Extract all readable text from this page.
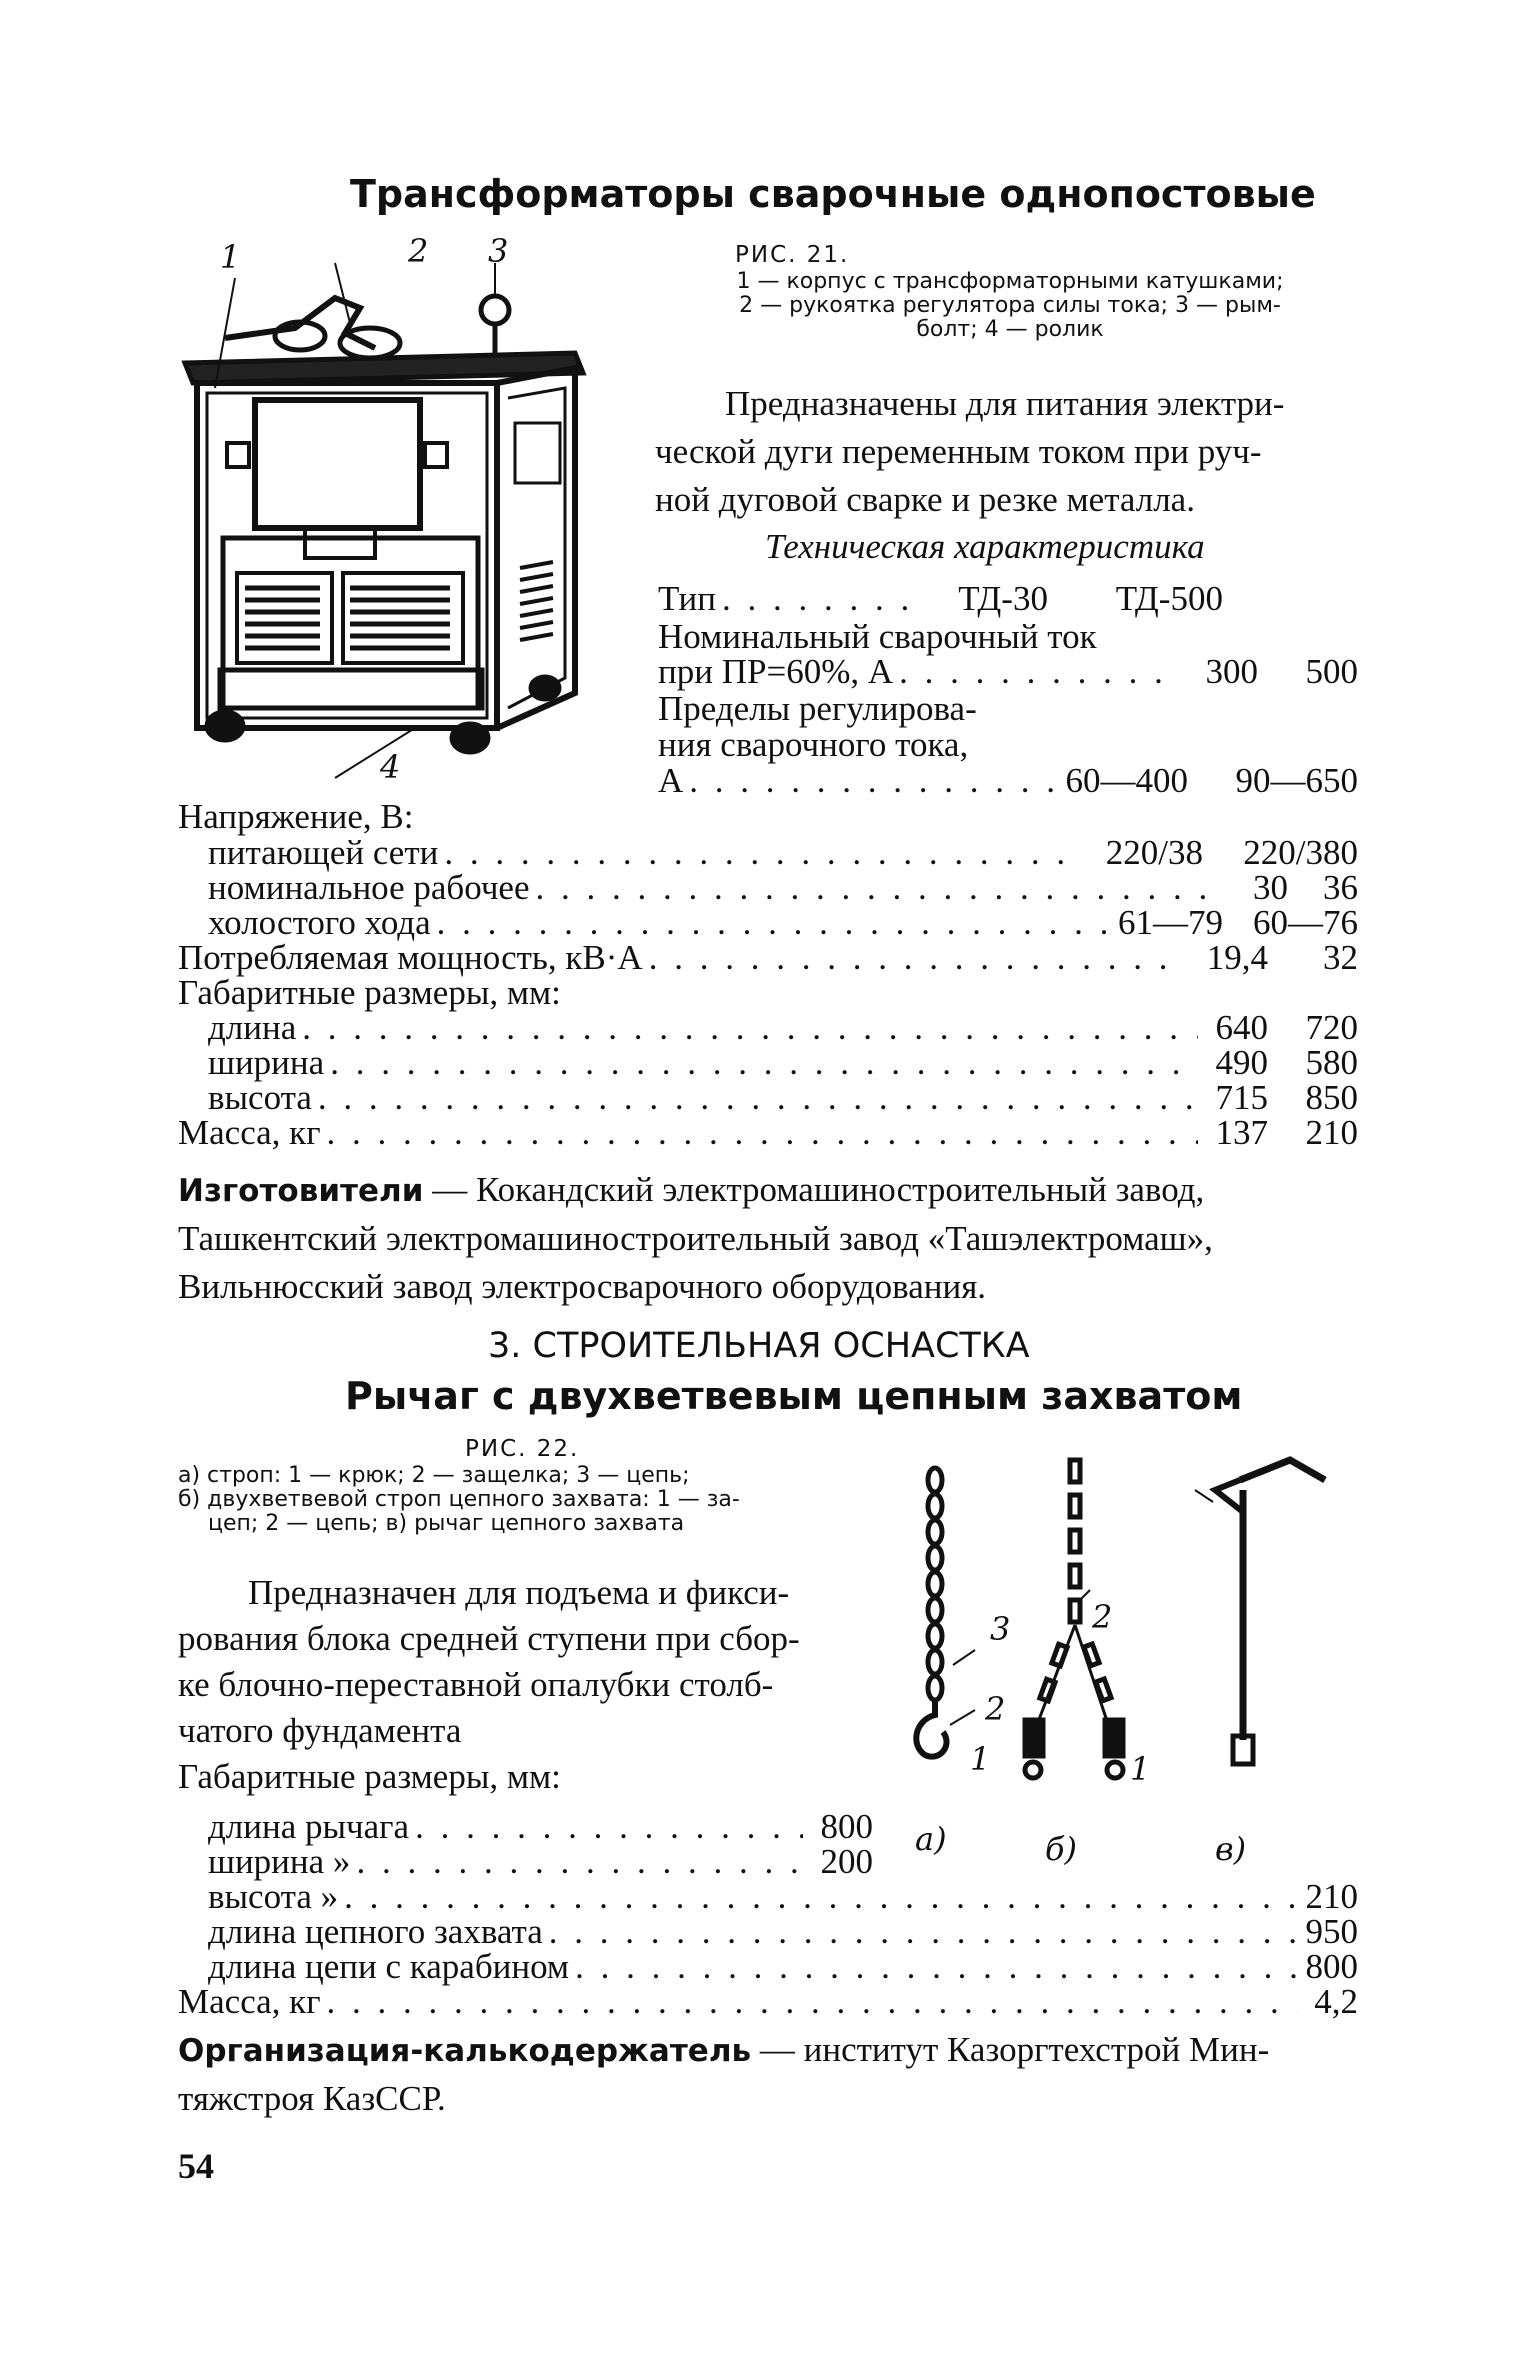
Трансформаторы сварочные однопостовые
1	2 3
4
РИС. 21.
1 — корпус с трансформаторными катушками;
2 — рукоятка регулятора силы тока; 3 — рым-
болт; 4 — ролик
Предназначены для питания электри-
ческой дуги переменным током при руч-
ной дуговой сварке и резке металла.
Техническая характеристика
Тип . . .	ТД-30	ТД-500
Номинальный сварочный ток
при ПР=60%, А . . .	300	500
Пределы регулирова-
ния сварочного тока,
А . . .	60—400	90—650
Напряжение, В:
питающей сети . . .	220/38	220/380
номинальное рабочее . . .	30	36
холостого хода . . .	61—79 60—76
Потребляемая мощность, кВ·А . . .	19,4	32
Габаритные размеры, мм:
длина . . .	640	720
ширина . . .	490	580
высота . . .	715	850
Масса, кг . . .	137	210
Изготовители — Кокандский электромашиностроительный завод,
Ташкентский электромашиностроительный завод «Ташэлектромаш»,
Вильнюсский завод электросварочного оборудования.
3. СТРОИТЕЛЬНАЯ ОСНАСТКА
Рычаг с двухветвевым цепным захватом
РИС. 22.
а) строп: 1 — крюк; 2 — защелка; 3 — цепь;
б) двухветвевой строп цепного захвата: 1 — за-
цеп; 2 — цепь; в) рычаг цепного захвата
Предназначен для подъема и фикси-
рования блока средней ступени при сбор-
ке блочно-переставной опалубки столб-
чатого фундамента
Габаритные размеры, мм:
длина рычага . . .	800
ширина » . . .	200
высота » . . .	210
длина цепного захвата . . .	950
длина цепи с карабином . . .	800
Масса, кг . . .	4,2
3
2
1
2
1
а)	б)	в)
Организация-калькодержатель — институт Казоргтехстрой Мин-
тяжстроя КазССР.
54
